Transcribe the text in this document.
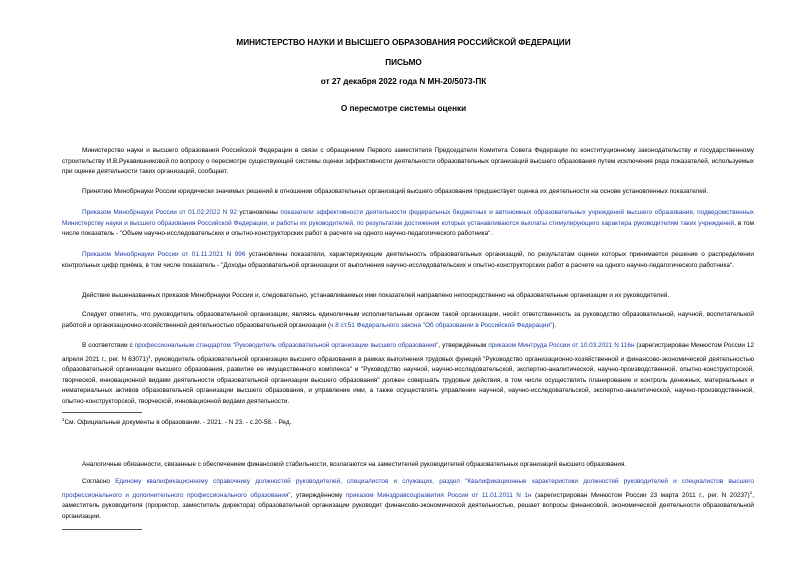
МИНИСТЕРСТВО НАУКИ И ВЫСШЕГО ОБРАЗОВАНИЯ РОССИЙСКОЙ ФЕДЕРАЦИИ
ПИСЬМО
от 27 декабря 2022 года N МН-20/5073-ПК
О пересмотре системы оценки
Министерство науки и высшего образования Российской Федерации в связи с обращением Первого заместителя Председателя Комитета Совета Федерации по конституционному законодательству и государственному строительству И.В.Рукавишниковой по вопросу о пересмотре существующей системы оценки эффективности деятельности образовательных организаций высшего образования путем исключения ряда показателей, используемых при оценке деятельности таких организаций, сообщает.
Принятию Минобрнауки России юридически значимых решений в отношении образовательных организаций высшего образования предшествует оценка их деятельности на основе установленных показателей.
Приказом Минобрнауки России от 01.02.2022 N 92 установлены показатели эффективности деятельности федеральных бюджетных и автономных образовательных учреждений высшего образования, подведомственных Министерству науки и высшего образования Российской Федерации, и работы их руководителей, по результатам достижения которых устанавливаются выплаты стимулирующего характера руководителям таких учреждений, в том числе показатель - "Объем научно-исследовательских и опытно-конструкторских работ в расчете на одного научно-педагогического работника".
Приказом Минобрнауки России от 01.11.2021 N 996 установлены показатели, характеризующие деятельность образовательных организаций, по результатам оценки которых принимается решение о распределении контрольных цифр приёма, в том числе показатель - "Доходы образовательной организации от выполнения научно-исследовательских и опытно-конструкторских работ в расчете на одного научно-педагогического работника".
Действие вышеназванных приказов Минобрнауки России и, следовательно, устанавливаемых ими показателей направлено непосредственно на образовательные организации и их руководителей.
Следует отметить, что руководитель образовательной организации, являясь единоличным исполнительным органом такой организации, несёт ответственность за руководство образовательной, научной, воспитательной работой и организационно-хозяйственной деятельностью образовательной организации (ч.8 ст.51 Федерального закона "Об образовании в Российской Федерации").
В соответствии с профессиональным стандартом "Руководитель образовательной организации высшего образования", утверждённым приказом Минтруда России от 10.03.2021 N 116н (зарегистрирован Минюстом России 12 апреля 2021 г., рег. N 63071)$^1$, руководитель образовательной организации высшего образования в рамках выполнения трудовых функций "Руководство организационно-хозяйственной и финансово-экономической деятельностью образовательной организации высшего образования, развитие ее имущественного комплекса" и "Руководство научной, научно-исследовательской, экспертно-аналитической, научно-производственной, опытно-конструкторской, творческой, инновационной видами деятельности образовательной организации высшего образования" должен совершать трудовые действия, в том числе осуществлять планирование и контроль денежных, материальных и нематериальных активов образовательной организации высшего образования, и управление ими, а также осуществлять управление научной, научно-исследовательской, экспертно-аналитической, научно-производственной, опытно-конструкторской, творческой, инновационной видами деятельности.
$^1$См. Официальные документы в образовании. - 2021. - N 23. - с.20-58. - Ред.
Аналогичные обязанности, связанные с обеспечением финансовой стабильности, возлагаются на заместителей руководителей образовательных организаций высшего образования.
Согласно Единому квалификационному справочнику должностей руководителей, специалистов и служащих, раздел "Квалификационные характеристики должностей руководителей и специалистов высшего профессионального и дополнительного профессионального образования", утверждённому приказом Минздравсоцразвития России от 11.01.2011 N 1н (зарегистрирован Минюстом России 23 марта 2011 г., рег. N 20237)$^1$, заместитель руководителя (проректор, заместитель директора) образовательной организации руководит финансово-экономической деятельностью, решает вопросы финансовой, экономической деятельности образовательной организации.
